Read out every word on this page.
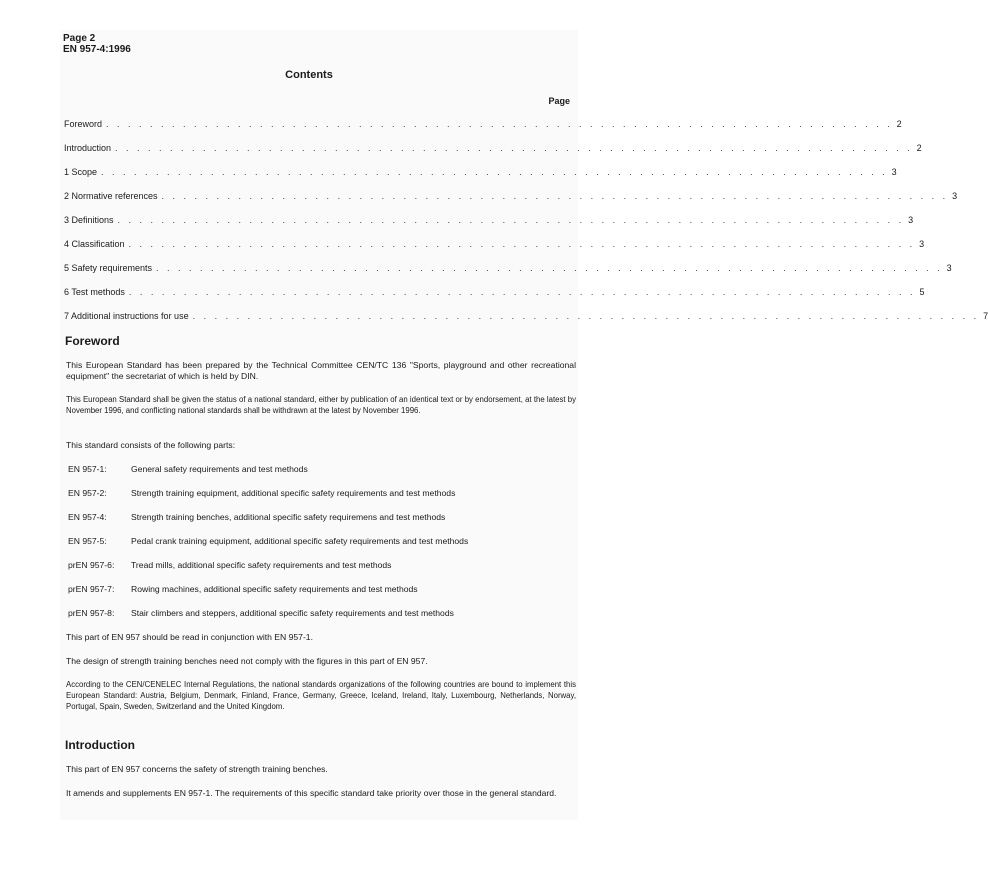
Page 2
EN 957-4:1996
Contents
Page
Foreword . . . . . . . . . . . . . . . . . . . . . . . . . . . . . . . . . . . . . . . . . . . . . . . . . . . . . . . . . . . . . . . . . . . . . . . . 2
Introduction . . . . . . . . . . . . . . . . . . . . . . . . . . . . . . . . . . . . . . . . . . . . . . . . . . . . . . . . . . . . . . . . . . . . . . . . . 2
1 Scope . . . . . . . . . . . . . . . . . . . . . . . . . . . . . . . . . . . . . . . . . . . . . . . . . . . . . . . . . . . . . . . . . . . . . . . . 3
2 Normative references . . . . . . . . . . . . . . . . . . . . . . . . . . . . . . . . . . . . . . . . . . . . . . . . . . . . . . . . . . . . . . . . . . . . . . . . 3
3 Definitions . . . . . . . . . . . . . . . . . . . . . . . . . . . . . . . . . . . . . . . . . . . . . . . . . . . . . . . . . . . . . . . . . . . . . . . . 3
4 Classification . . . . . . . . . . . . . . . . . . . . . . . . . . . . . . . . . . . . . . . . . . . . . . . . . . . . . . . . . . . . . . . . . . . . . . . . 3
5 Safety requirements . . . . . . . . . . . . . . . . . . . . . . . . . . . . . . . . . . . . . . . . . . . . . . . . . . . . . . . . . . . . . . . . . . . . . . . . 3
6 Test methods . . . . . . . . . . . . . . . . . . . . . . . . . . . . . . . . . . . . . . . . . . . . . . . . . . . . . . . . . . . . . . . . . . . . . . . . 5
7 Additional instructions for use . . . . . . . . . . . . . . . . . . . . . . . . . . . . . . . . . . . . . . . . . . . . . . . . . . . . . . . . . . . . . . . . . . . . . . . . 7
Foreword
This European Standard has been prepared by the Technical Committee CEN/TC 136 "Sports, playground and other recreational equipment" the secretariat of which is held by DIN.
This European Standard shall be given the status of a national standard, either by publication of an identical text or by endorsement, at the latest by November 1996, and conflicting national standards shall be withdrawn at the latest by November 1996.
This standard consists of the following parts:
EN 957-1:	General safety requirements and test methods
EN 957-2:	Strength training equipment, additional specific safety requirements and test methods
EN 957-4:	Strength training benches, additional specific safety requiremens and test methods
EN 957-5:	Pedal crank training equipment, additional specific safety requirements and test methods
prEN 957-6:	Tread mills, additional specific safety requirements and test methods
prEN 957-7:	Rowing machines, additional specific safety requirements and test methods
prEN 957-8:	Stair climbers and steppers, additional specific safety requirements and test methods
This part of EN 957 should be read in conjunction with EN 957-1.
The design of strength training benches need not comply with the figures in this part of EN 957.
According to the CEN/CENELEC Internal Regulations, the national standards organizations of the following countries are bound to implement this European Standard: Austria, Belgium, Denmark, Finland, France, Germany, Greece, Iceland, Ireland, Italy, Luxembourg, Netherlands, Norway, Portugal, Spain, Sweden, Switzerland and the United Kingdom.
Introduction
This part of EN 957 concerns the safety of strength training benches.
It amends and supplements EN 957-1. The requirements of this specific standard take priority over those in the general standard.
